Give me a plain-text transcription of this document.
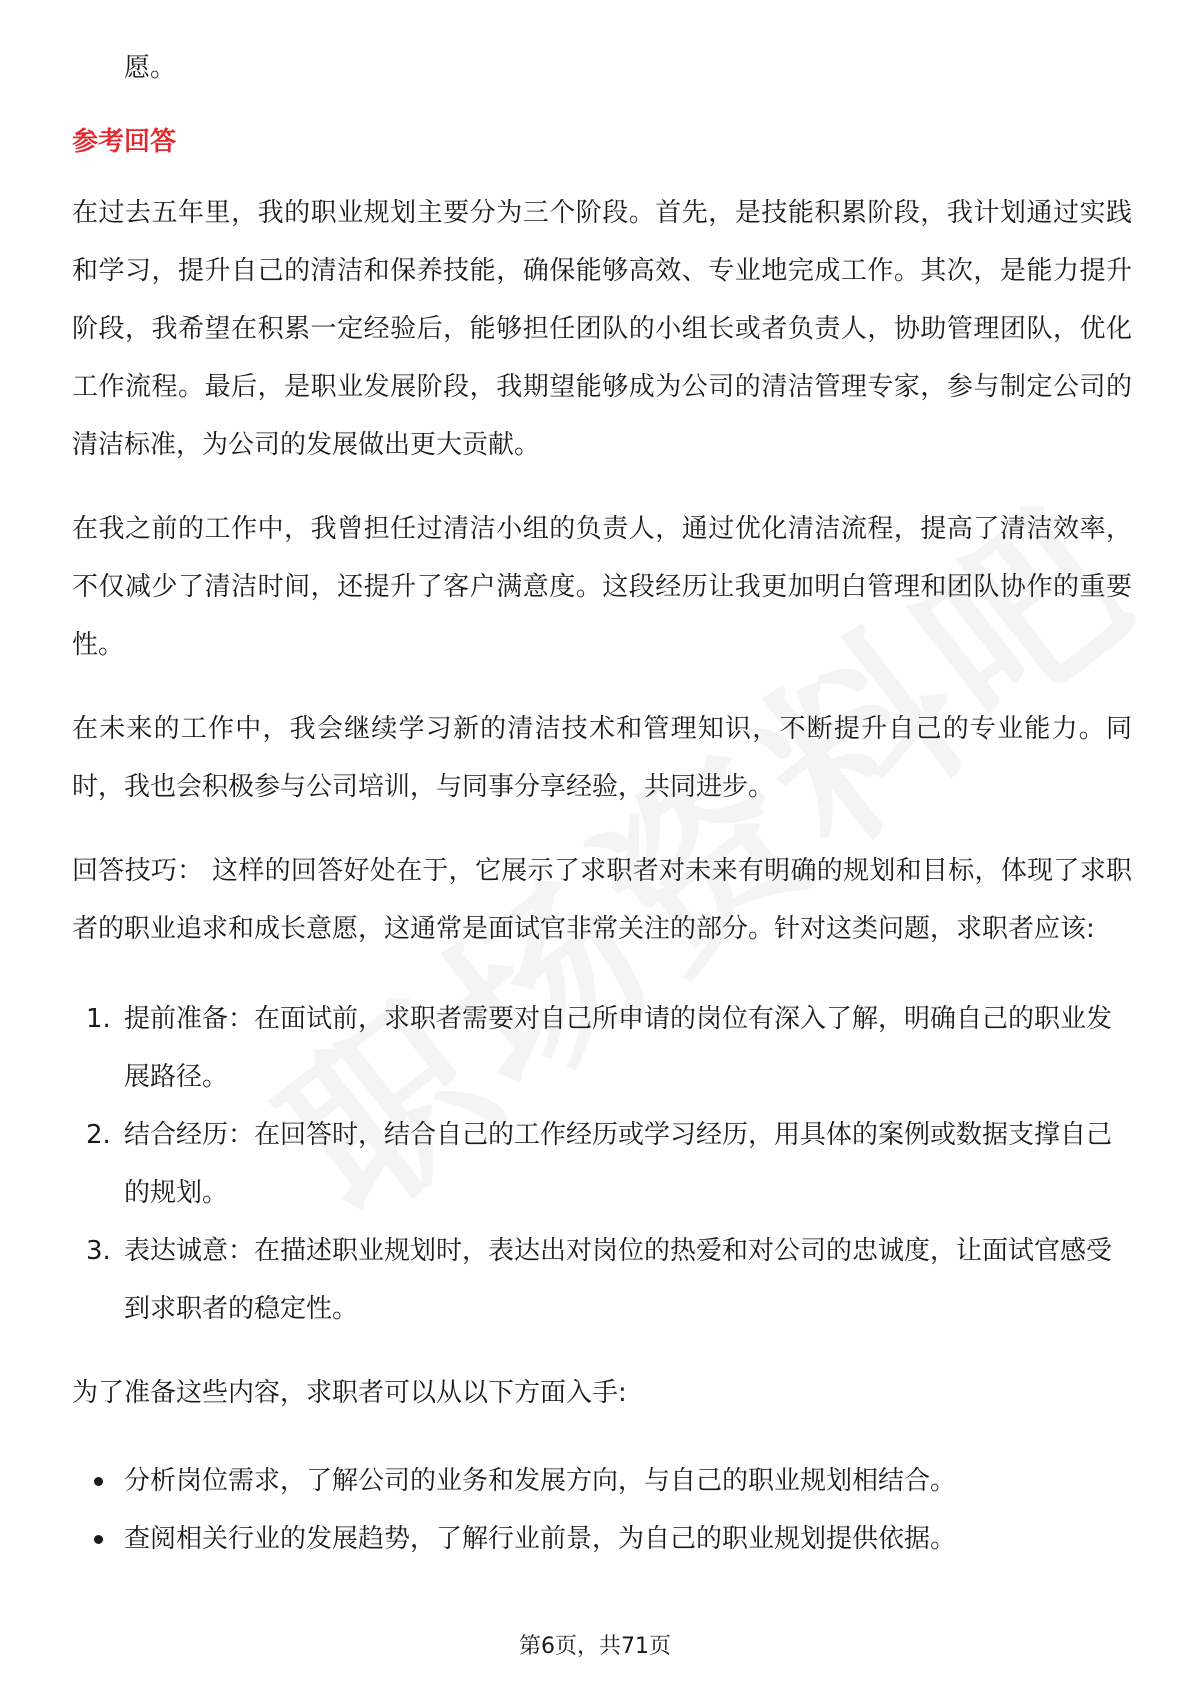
愿。

参考回答

在过去五年里，我的职业规划主要分为三个阶段。首先，是技能积累阶段，我计划通过实践和学习，提升自己的清洁和保养技能，确保能够高效、专业地完成工作。其次，是能力提升阶段，我希望在积累一定经验后，能够担任团队的小组长或者负责人，协助管理团队，优化工作流程。最后，是职业发展阶段，我期望能够成为公司的清洁管理专家，参与制定公司的清洁标准，为公司的发展做出更大贡献。

在我之前的工作中，我曾担任过清洁小组的负责人，通过优化清洁流程，提高了清洁效率，不仅减少了清洁时间，还提升了客户满意度。这段经历让我更加明白管理和团队协作的重要性。

在未来的工作中，我会继续学习新的清洁技术和管理知识，不断提升自己的专业能力。同时，我也会积极参与公司培训，与同事分享经验，共同进步。

回答技巧： 这样的回答好处在于，它展示了求职者对未来有明确的规划和目标，体现了求职者的职业追求和成长意愿，这通常是面试官非常关注的部分。针对这类问题，求职者应该:

1. 提前准备：在面试前，求职者需要对自己所申请的岗位有深入了解，明确自己的职业发展路径。
2. 结合经历：在回答时，结合自己的工作经历或学习经历，用具体的案例或数据支撑自己的规划。
3. 表达诚意：在描述职业规划时，表达出对岗位的热爱和对公司的忠诚度，让面试官感受到求职者的稳定性。

为了准备这些内容，求职者可以从以下方面入手:

分析岗位需求，了解公司的业务和发展方向，与自己的职业规划相结合。
查阅相关行业的发展趋势，了解行业前景，为自己的职业规划提供依据。
第6页，共71页
